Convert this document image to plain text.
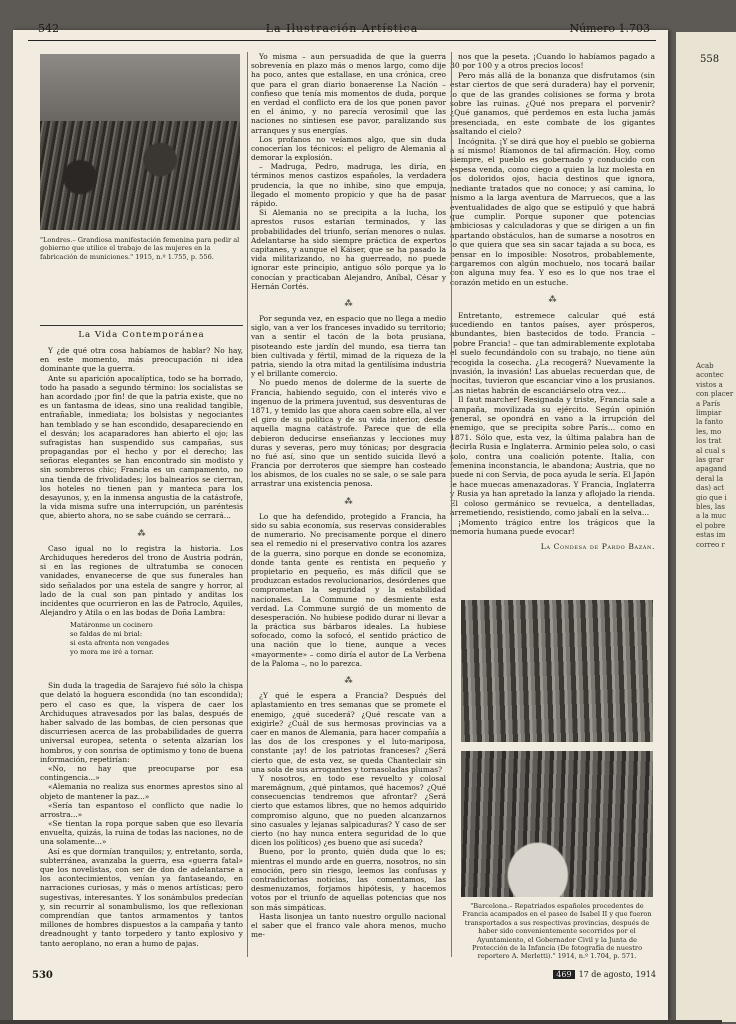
558
Acab
acontec
vistos a
con placer
a París
limpiar
la fanto
les, mo
los trat
al cual s
las grar
apagand
deral la
das) act
gio que i
bles, las
a la muc
el pobre
estas im
correo r
542	La Ilustración Artística	Número 1.703
"Londres.– Grandiosa manifestación femenina para pedir al gobierno que utilice el trabajo de las mujeres en la fabricación de municiones." 1915, n.º 1.755, p. 556.
La Vida Contemporánea

Y ¿de qué otra cosa habíamos de hablar? No hay, en este momento, más preocupación ni idea dominante que la guerra.

Ante su aparición apocalíptica, todo se ha borrado, todo ha pasado a segundo término: los socialistas se han acordado ¡por fin! de que la patria existe, que no es un fantasma de ideas, sino una realidad tangible, entrañable, inmediata; los bolsistas y negociantes han temblado y se han escondido, desapareciendo en el desván; los acaparadores han abierto el ojo; las sufragistas han suspendido sus campañas, sus propagandas por el hecho y por el derecho; las señoras elegantes se han encontrado sin modisto y sin sombreros chic; Francia es un campamento, no una tienda de frivolidades; los balnearios se cierran, los hoteles no tienen pan y manteca para los desayunos, y, en la inmensa angustia de la catástrofe, la vida misma sufre una interrupción, un paréntesis que, abierto ahora, no se sabe cuándo se cerrará...

⁂

Caso igual no lo registra la historia. Los Archiduques herederos del trono de Austria podrán, si en las regiones de ultratumba se conocen vanidades, envanecerse de que sus funerales han sido señalados por una estela de sangre y horror, al lado de la cual son pan pintado y anditas los incidentes que ocurrieron en las de Patroclo, Aquiles, Alejandro y Atila o en las bodas de Doña Lambra:

Matáronme un cocinero
so faldas de mi brial:
si esta afrenta non vengades
yo mora me iré a tornar.

Sin duda la tragedia de Sarajevo fué sólo la chispa que delató la hoguera escondida (no tan escondida); pero el caso es que, la víspera de caer los Archiduques atravesados por las balas, después de haber salvado de las bombas, de cien personas que discurriesen acerca de las probabilidades de guerra universal europea, setenta o setenta alzarían los hombros, y con sonrisa de optimismo y tono de buena información, repetirían:

«No, no hay que preocuparse por esa contingencia...»

«Alemania no realiza sus enormes aprestos sino al objeto de mantener la paz...»

«Sería tan espantoso el conflicto que nadie lo arrostra...»

«Se tientan la ropa porque saben que eso llevaría envuelta, quizás, la ruina de todas las naciones, no de una solamente...»

Así es que dormían tranquilos; y, entretanto, sorda, subterránea, avanzaba la guerra, esa «guerra fatal» que los novelistas, con ser de don de adelantarse a los acontecimientos, venían ya fantaseando, en narraciones curiosas, y más o menos artísticas; pero sugestivas, interesantes. Y los sonámbulos predecían y, sin recurrir al sonambulismo, los que reflexionan comprendían que tantos armamentos y tantos millones de hombres dispuestos a la campaña y tanto dreadnought y tanto torpedero y tanto explosivo y tanto aeroplano, no eran a humo de pajas.

Yo misma – aun persuadida de que la guerra sobrevenía en plazo más o menos largo, como dije ha poco, antes que estallase, en una crónica, creo que para el gran diario bonaerense La Nación – confieso que tenía mis momentos de duda, porque en verdad el conflicto era de los que ponen pavor en el ánimo, y no parecía verosímil que las naciones no sintiesen ese pavor, paralizando sus arranques y sus energías.

Los profanos no veíamos algo, que sin duda conocerían los técnicos: el peligro de Alemania al demorar la explosión.

– Madruga, Pedro, madruga, les diría, en términos menos castizos españoles, la verdadera prudencia, la que no inhibe, sino que empuja, llegado el momento propicio y que ha de pasar rápido.

Si Alemania no se precipita a la lucha, los aprestos rusos estarían terminados, y las probabilidades del triunfo, serían menores o nulas. Adelantarse ha sido siempre práctica de expertos capitanes, y aunque el Káiser, que se ha pasado la vida militarizando, no ha guerreado, no puede ignorar este principio, antiguo sólo porque ya lo conocían y practicaban Alejandro, Aníbal, César y Hernán Cortés.

⁂

Por segunda vez, en espacio que no llega a medio siglo, van a ver los franceses invadido su territorio; van a sentir el tacón de la bota prusiana, pisoteando este jardín del mundo, esa tierra tan bien cultivada y fértil, mimad de la riqueza de la patria, siendo la otra mitad la gentilísima industria y el brillante comercio.

No puedo menos de dolerme de la suerte de Francia, habiendo seguido, con el interés vivo e ingenuo de la primera juventud, sus desventuras de 1871, y temido las que ahora caen sobre ella, al ver el giro de su política y de su vida interior, desde aquella magna catástrofe. Parece que de ella debieron deducirse enseñanzas y lecciones muy duras y severas, pero muy tónicas; por desgracia no fué así, sino que un sentido suicida llevó a Francia por derroteros que siempre han costeado los abismos, de los cuales no se sale, o se sale para arrastrar una existencia penosa.

⁂

Lo que ha defendido, protegido a Francia, ha sido su sabia economía, sus reservas considerables de numerario. No precisamente porque el dinero sea el remedio ni el preservativo contra los azares de la guerra, sino porque en donde se economiza, donde tanta gente es rentista en pequeño y propietario en pequeño, es más difícil que se produzcan estados revolucionarios, desórdenes que comprometan la seguridad y la estabilidad nacionales. La Commune no desmiente esta verdad. La Commune surgió de un momento de desesperación. No hubiese podido durar ni llevar a la práctica sus bárbaros ideales. La hubiese sofocado, como la sofocó, el sentido práctico de una nación que lo tiene, aunque a veces «mayormente» – como diría el autor de La Verbena de la Paloma –, no lo parezca.

⁂

¿Y qué le espera a Francia? Después del aplastamiento en tres semanas que se promete el enemigo, ¿qué sucederá? ¿Qué rescate van a exigirle? ¿Cuál de sus hermosas provincias va a caer en manos de Alemania, para hacer compañía a las dos de los crespones y el luto-mariposa, constante ¡ay! de los patriotas franceses? ¿Será cierto que, de esta vez, se queda Chanteclair sin una sola de sus arrogantes y tornasoladas plumas?

Y nosotros, en todo ese revuelto y colosal maremágnum, ¿qué pintamos, qué hacemos? ¿Qué consecuencias tendremos que afrontar? ¿Será cierto que estamos libres, que no hemos adquirido compromiso alguno, que no pueden alcanzarnos sino casuales y lejanas salpicaduras? Y caso de ser cierto (no hay nunca entera seguridad de lo que dicen los políticos) ¿es bueno que así suceda?

Bueno, por lo pronto, quién duda que lo es; mientras el mundo arde en guerra, nosotros, no sin emoción, pero sin riesgo, leemos las confusas y contradictorias noticias, las comentamos, las desmenuzamos, forjamos hipótesis, y hacemos votos por el triunfo de aquellas potencias que nos son más simpáticas.

Hasta lisonjea un tanto nuestro orgullo nacional el saber que el franco vale ahora menos, mucho me-

nos que la peseta. ¡Cuando lo habíamos pagado a 30 por 100 y a otros precios locos!

Pero más allá de la bonanza que disfrutamos (sin estar ciertos de que será duradera) hay el porvenir, lo que de las grandes colisiones se forma y brota sobre las ruinas. ¿Qué nos prepara el porvenir? ¿Qué ganamos, qué perdemos en esta lucha jamás presenciada, en este combate de los gigantes asaltando el cielo?

Incógnita. ¡Y se dirá que hoy el pueblo se gobierna a sí mismo! Ríamonos de tal afirmación. Hoy, como siempre, el pueblo es gobernado y conducido con espesa venda, como ciego a quien la luz molesta en los doloridos ojos, hacia destinos que ignora, mediante tratados que no conoce; y así camina, lo mismo a la larga aventura de Marruecos, que a las eventualidades de algo que se estipuló y que habrá que cumplir. Porque suponer que potencias ambiciosas y calculadoras y que se dirigen a un fin apartando obstáculos, han de sumarse a nosotros en lo que quiera que sea sin sacar tajada a su boca, es pensar en lo imposible: Nosotros, probablemente, cargaremos con algún mochuelo, nos tocará bailar con alguna muy fea. Y eso es lo que nos trae el corazón metido en un estuche.

⁂

Entretanto, estremece calcular qué está sucediendo en tantos países, ayer prósperos, abundantes, bien bastecidos de todo. Francia – ¡pobre Francia! – que tan admirablemente explotaba el suelo fecundándolo con su trabajo, no tiene aún recogida la cosecha. ¿La recogerá? Nuevamente la invasión, la invasión! Las abuelas recuerdan que, de mocitas, tuvieron que escanciar vino a los prusianos. Las nietas habrán de escanciárselo otra vez...

Il faut marcher! Resignada y triste, Francia sale a campaña, movilizada su ejército. Según opinión general, se opondrá en vano a la irrupción del enemigo, que se precipita sobre París... como en 1871. Sólo que, esta vez, la última palabra han de decirla Rusia e Inglaterra. Arminio pelea solo, o casi solo, contra una coalición potente. Italia, con femenina inconstancia, le abandona; Austria, que no puede ni con Servia, de poca ayuda le sería. El Japón le hace muecas amenazadoras. Y Francia, Inglaterra y Rusia ya han apretado la lanza y aflojado la rienda. El coloso germánico se revuelca, a dentelladas, arremetiendo, resistiendo, como jabalí en la selva...

¡Momento trágico entre los trágicos que la memoria humana puede evocar!

La Condesa de Pardo Bazán.
"Barcelona.– Repatriados españoles procedentes de Francia acampados en el paseo de Isabel II y que fueron transportados a sus respectivas provincias, después de haber sido convenientemente socorridos por el Ayuntamiento, el Gobernador Civil y la Junta de Protección de la Infancia (De fotografía de nuestro reportero A. Merletti)." 1914, n.º 1.704, p. 571.
530	469 17 de agosto, 1914
